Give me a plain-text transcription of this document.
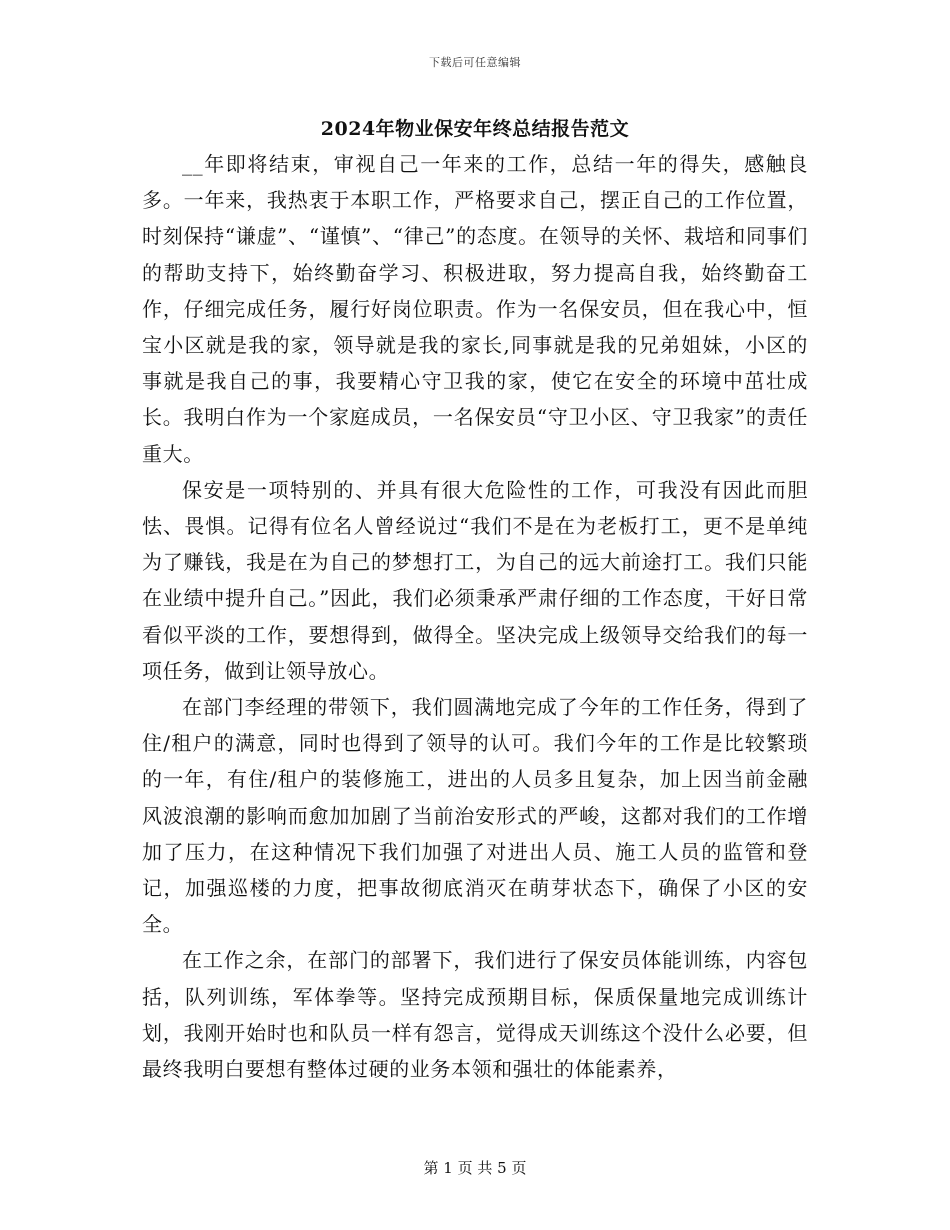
下载后可任意编辑
2024年物业保安年终总结报告范文

__年即将结束，审视自己一年来的工作，总结一年的得失，感触良多。一年来，我热衷于本职工作，严格要求自己，摆正自己的工作位置，时刻保持“谦虚”、“谨慎”、“律己”的态度。在领导的关怀、栽培和同事们的帮助支持下，始终勤奋学习、积极进取，努力提高自我，始终勤奋工作，仔细完成任务，履行好岗位职责。作为一名保安员，但在我心中，恒宝小区就是我的家，领导就是我的家长,同事就是我的兄弟姐妹，小区的事就是我自己的事，我要精心守卫我的家，使它在安全的环境中茁壮成长。我明白作为一个家庭成员，一名保安员“守卫小区、守卫我家”的责任重大。

保安是一项特别的、并具有很大危险性的工作，可我没有因此而胆怯、畏惧。记得有位名人曾经说过“我们不是在为老板打工，更不是单纯为了赚钱，我是在为自己的梦想打工，为自己的远大前途打工。我们只能在业绩中提升自己。”因此，我们必须秉承严肃仔细的工作态度，干好日常看似平淡的工作，要想得到，做得全。坚决完成上级领导交给我们的每一项任务，做到让领导放心。

在部门李经理的带领下，我们圆满地完成了今年的工作任务，得到了住/租户的满意，同时也得到了领导的认可。我们今年的工作是比较繁琐的一年，有住/租户的装修施工，进出的人员多且复杂，加上因当前金融风波浪潮的影响而愈加加剧了当前治安形式的严峻，这都对我们的工作增加了压力，在这种情况下我们加强了对进出人员、施工人员的监管和登记，加强巡楼的力度，把事故彻底消灭在萌芽状态下，确保了小区的安全。

在工作之余，在部门的部署下，我们进行了保安员体能训练，内容包括，队列训练，军体拳等。坚持完成预期目标，保质保量地完成训练计划，我刚开始时也和队员一样有怨言，觉得成天训练这个没什么必要，但最终我明白要想有整体过硬的业务本领和强壮的体能素养，

第 1 页 共 5 页
